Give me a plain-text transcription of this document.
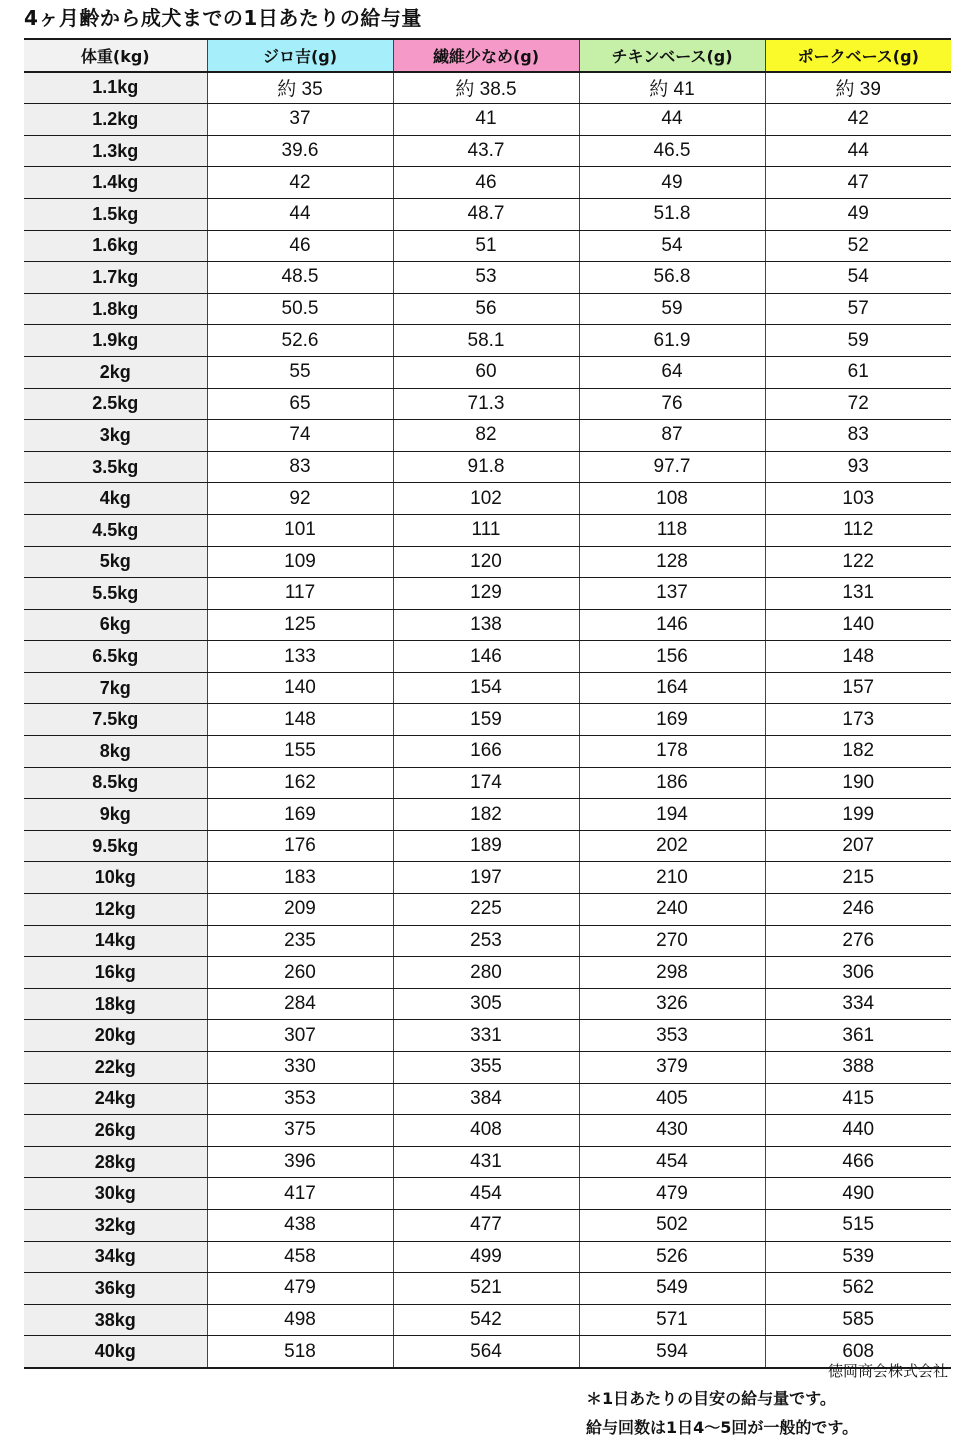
4ヶ月齢から成犬までの1日あたりの給与量
体重(kg)	ジロ吉(g)	繊維少なめ(g)	チキンベース(g)	ポークベース(g)
1.1kg	約 35	約 38.5	約 41	約 39
1.2kg	37	41	44	42
1.3kg	39.6	43.7	46.5	44
1.4kg	42	46	49	47
1.5kg	44	48.7	51.8	49
1.6kg	46	51	54	52
1.7kg	48.5	53	56.8	54
1.8kg	50.5	56	59	57
1.9kg	52.6	58.1	61.9	59
2kg	55	60	64	61
2.5kg	65	71.3	76	72
3kg	74	82	87	83
3.5kg	83	91.8	97.7	93
4kg	92	102	108	103
4.5kg	101	111	118	112
5kg	109	120	128	122
5.5kg	117	129	137	131
6kg	125	138	146	140
6.5kg	133	146	156	148
7kg	140	154	164	157
7.5kg	148	159	169	173
8kg	155	166	178	182
8.5kg	162	174	186	190
9kg	169	182	194	199
9.5kg	176	189	202	207
10kg	183	197	210	215
12kg	209	225	240	246
14kg	235	253	270	276
16kg	260	280	298	306
18kg	284	305	326	334
20kg	307	331	353	361
22kg	330	355	379	388
24kg	353	384	405	415
26kg	375	408	430	440
28kg	396	431	454	466
30kg	417	454	479	490
32kg	438	477	502	515
34kg	458	499	526	539
36kg	479	521	549	562
38kg	498	542	571	585
40kg	518	564	594	608
徳岡商会株式会社
＊1日あたりの目安の給与量です。
給与回数は1日4～5回が一般的です。
